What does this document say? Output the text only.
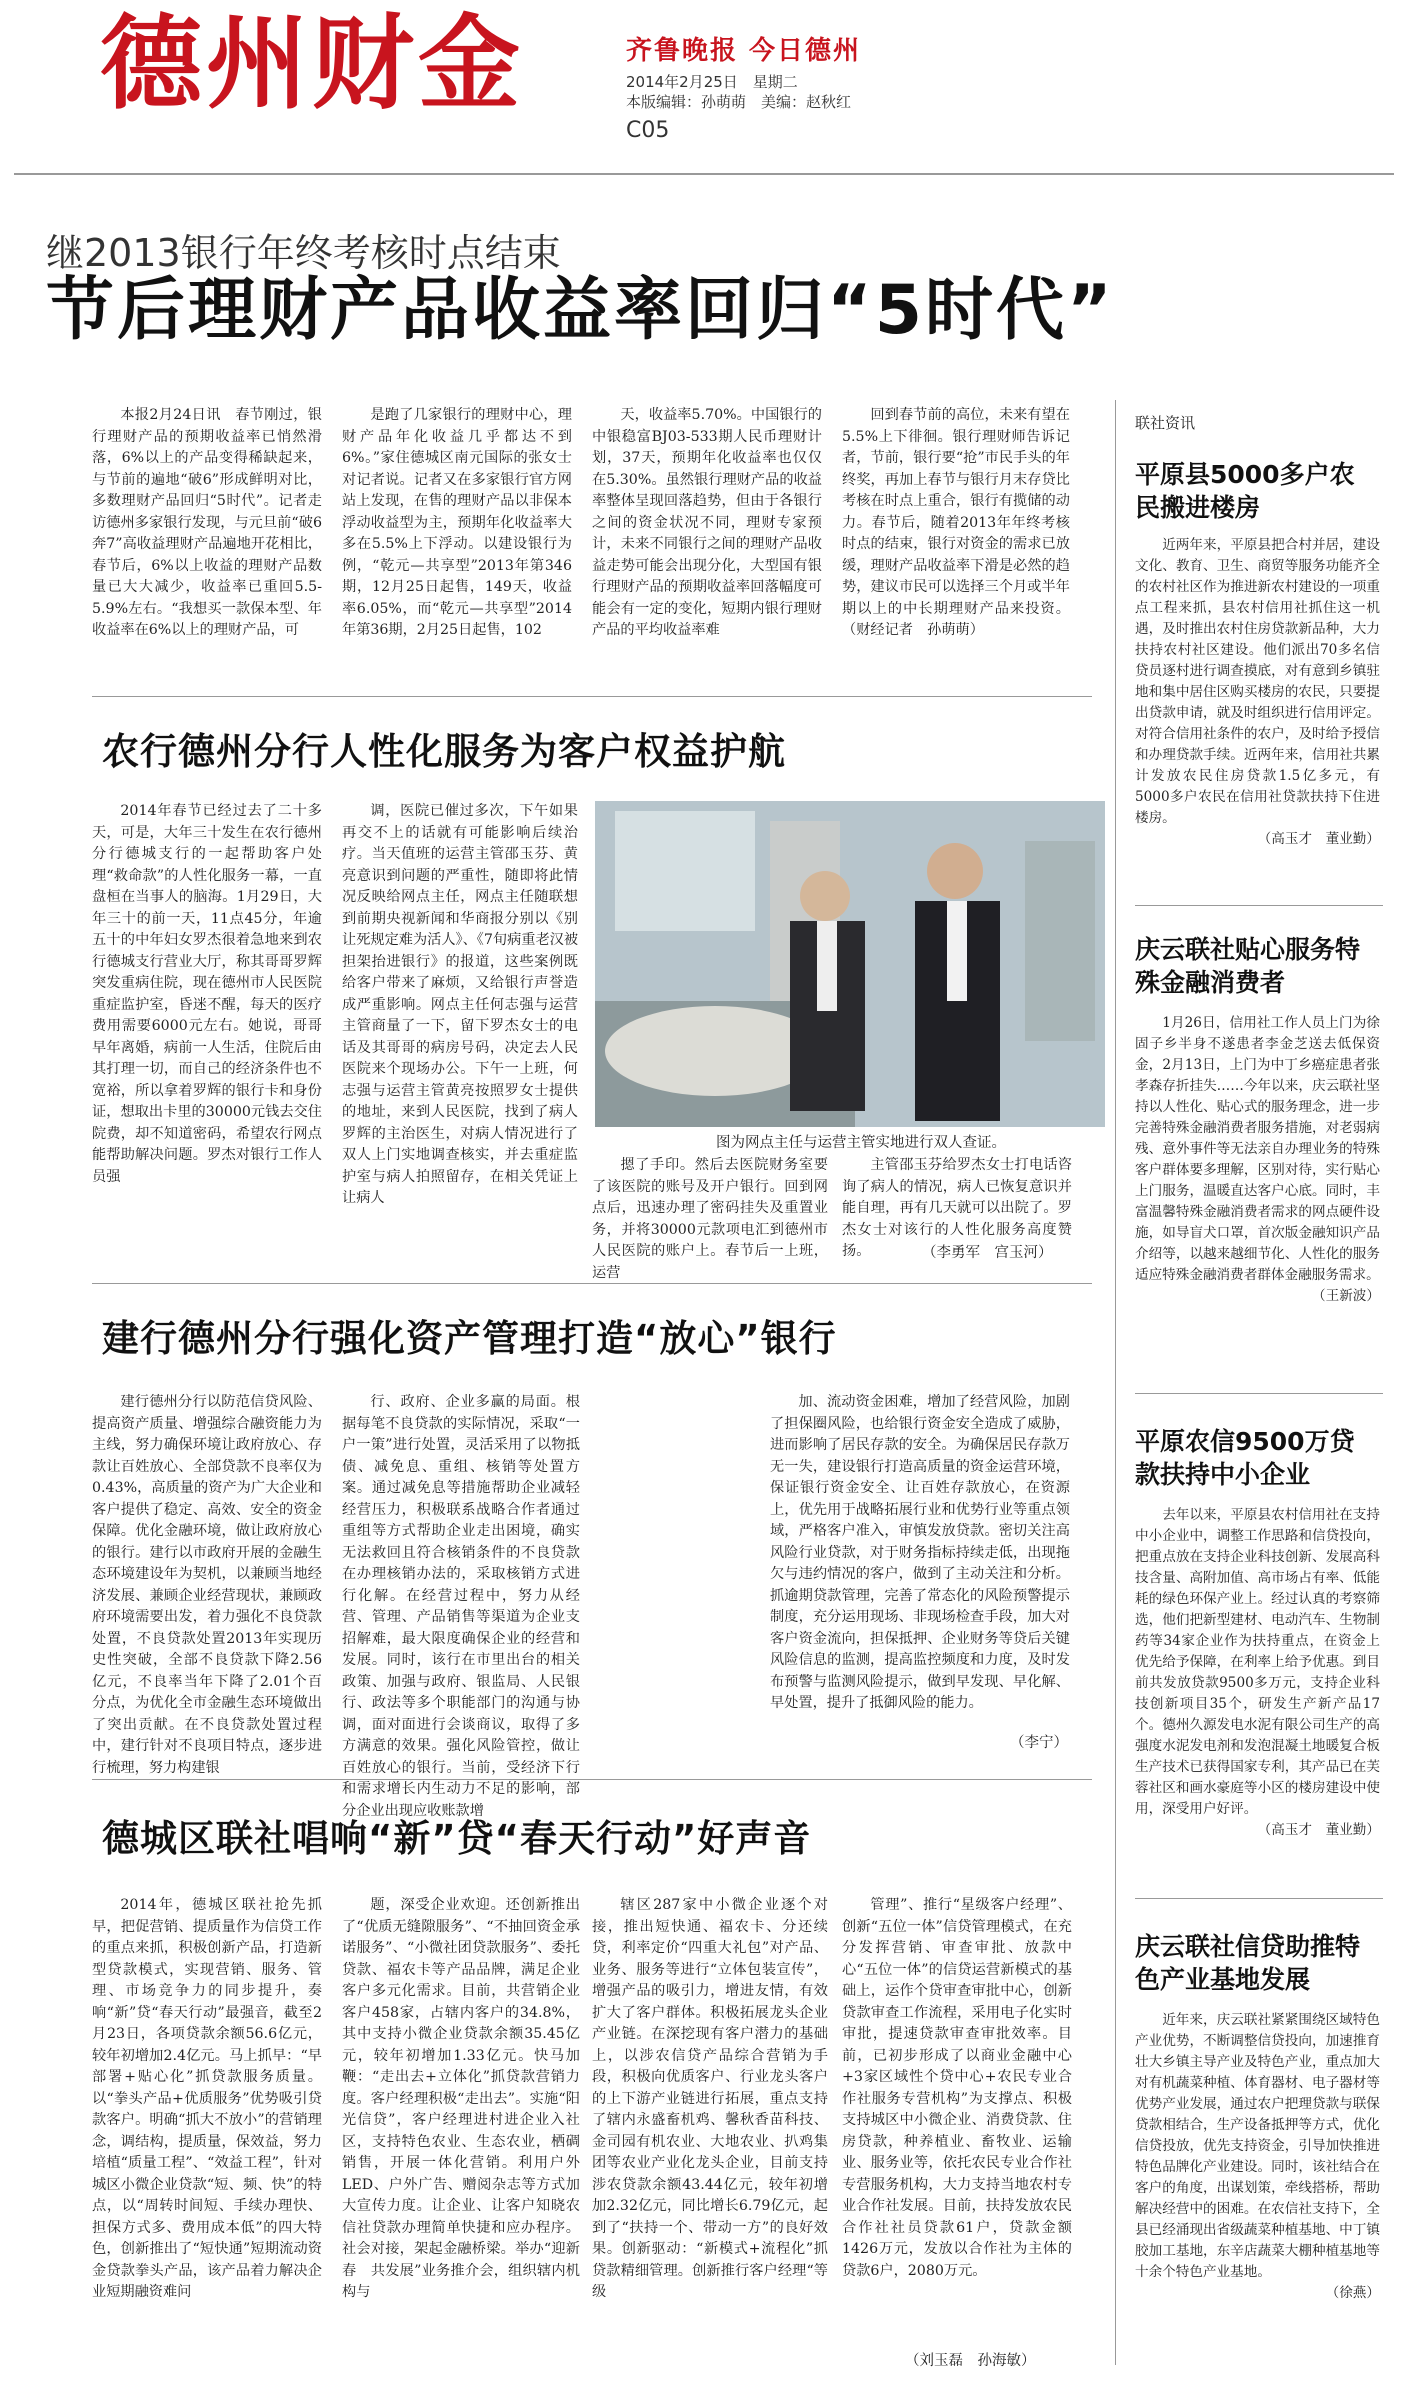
德州财金	齐鲁晚报 今日德州
2014年2月25日　星期二
本版编辑：孙萌萌　美编：赵秋红
C05
继2013银行年终考核时点结束
节后理财产品收益率回归“5时代”

本报2月24日讯　春节刚过，银行理财产品的预期收益率已悄然滑落，6%以上的产品变得稀缺起来，与节前的遍地“破6”形成鲜明对比，多数理财产品回归“5时代”。记者走访德州多家银行发现，与元旦前“破6奔7”高收益理财产品遍地开花相比，春节后，6%以上收益的理财产品数量已大大减少，收益率已重回5.5-5.9%左右。“我想买一款保本型、年收益率在6%以上的理财产品，可

是跑了几家银行的理财中心，理财产品年化收益几乎都达不到6%。”家住德城区南元国际的张女士对记者说。记者又在多家银行官方网站上发现，在售的理财产品以非保本浮动收益型为主，预期年化收益率大多在5.5%上下浮动。以建设银行为例，“乾元—共享型”2013年第346期，12月25日起售，149天，收益率6.05%，而“乾元—共享型”2014年第36期，2月25日起售，102

天，收益率5.70%。中国银行的中银稳富BJ03-533期人民币理财计划，37天，预期年化收益率也仅仅在5.30%。虽然银行理财产品的收益率整体呈现回落趋势，但由于各银行之间的资金状况不同，理财专家预计，未来不同银行之间的理财产品收益走势可能会出现分化，大型国有银行理财产品的预期收益率回落幅度可能会有一定的变化，短期内银行理财产品的平均收益率难

回到春节前的高位，未来有望在5.5%上下徘徊。银行理财师告诉记者，节前，银行要“抢”市民手头的年终奖，再加上春节与银行月末存贷比考核在时点上重合，银行有揽储的动力。春节后，随着2013年年终考核时点的结束，银行对资金的需求已放缓，理财产品收益率下滑是必然的趋势，建议市民可以选择三个月或半年期以上的中长期理财产品来投资。（财经记者　孙萌萌）

农行德州分行人性化服务为客户权益护航

2014年春节已经过去了二十多天，可是，大年三十发生在农行德州分行德城支行的一起帮助客户处理“救命款”的人性化服务一幕，一直盘桓在当事人的脑海。1月29日，大年三十的前一天，11点45分，年逾五十的中年妇女罗杰很着急地来到农行德城支行营业大厅，称其哥哥罗辉突发重病住院，现在德州市人民医院重症监护室，昏迷不醒，每天的医疗费用需要6000元左右。她说，哥哥早年离婚，病前一人生活，住院后由其打理一切，而自己的经济条件也不宽裕，所以拿着罗辉的银行卡和身份证，想取出卡里的30000元钱去交住院费，却不知道密码，希望农行网点能帮助解决问题。罗杰对银行工作人员强

调，医院已催过多次，下午如果再交不上的话就有可能影响后续治疗。当天值班的运营主管邵玉芬、黄亮意识到问题的严重性，随即将此情况反映给网点主任，网点主任随联想到前期央视新闻和华商报分别以《别让死规定难为活人》、《7旬病重老汉被担架抬进银行》的报道，这些案例既给客户带来了麻烦，又给银行声誉造成严重影响。网点主任何志强与运营主管商量了一下，留下罗杰女士的电话及其哥哥的病房号码，决定去人民医院来个现场办公。下午一上班，何志强与运营主管黄亮按照罗女士提供的地址，来到人民医院，找到了病人罗辉的主治医生，对病人情况进行了双人上门实地调查核实，并去重症监护室与病人拍照留存，在相关凭证上让病人

图为网点主任与运营主管实地进行双人查证。

摁了手印。然后去医院财务室要了该医院的账号及开户银行。回到网点后，迅速办理了密码挂失及重置业务，并将30000元款项电汇到德州市人民医院的账户上。春节后一上班，运营

主管邵玉芬给罗杰女士打电话咨询了病人的情况，病人已恢复意识并能自理，再有几天就可以出院了。罗杰女士对该行的人性化服务高度赞扬。	（李勇军　宫玉河）
建行德州分行强化资产管理打造“放心”银行

建行德州分行以防范信贷风险、提高资产质量、增强综合融资能力为主线，努力确保环境让政府放心、存款让百姓放心、全部贷款不良率仅为0.43%，高质量的资产为广大企业和客户提供了稳定、高效、安全的资金保障。优化金融环境，做让政府放心的银行。建行以市政府开展的金融生态环境建设年为契机，以兼顾当地经济发展、兼顾企业经营现状，兼顾政府环境需要出发，着力强化不良贷款处置，不良贷款处置2013年实现历史性突破，全部不良贷款下降2.56亿元，不良率当年下降了2.01个百分点，为优化全市金融生态环境做出了突出贡献。在不良贷款处置过程中，建行针对不良项目特点，逐步进行梳理，努力构建银

行、政府、企业多赢的局面。根据每笔不良贷款的实际情况，采取“一户一策”进行处置，灵活采用了以物抵债、减免息、重组、核销等处置方案。通过减免息等措施帮助企业减轻经营压力，积极联系战略合作者通过重组等方式帮助企业走出困境，确实无法救回且符合核销条件的不良贷款在办理核销办法的，采取核销方式进行化解。在经营过程中，努力从经营、管理、产品销售等渠道为企业支招解难，最大限度确保企业的经营和发展。同时，该行在市里出台的相关政策、加强与政府、银监局、人民银行、政法等多个职能部门的沟通与协调，面对面进行会谈商议，取得了多方满意的效果。强化风险管控，做让百姓放心的银行。当前，受经济下行和需求增长内生动力不足的影响，部分企业出现应收账款增

加、流动资金困难，增加了经营风险，加剧了担保圈风险，也给银行资金安全造成了威胁，进而影响了居民存款的安全。为确保居民存款万无一失，建设银行打造高质量的资金运营环境，保证银行资金安全、让百姓存款放心，在资源上，优先用于战略拓展行业和优势行业等重点领域，严格客户准入，审慎发放贷款。密切关注高风险行业贷款，对于财务指标持续走低，出现拖欠与违约情况的客户，做到了主动关注和分析。抓逾期贷款管理，完善了常态化的风险预警提示制度，充分运用现场、非现场检查手段，加大对客户资金流向，担保抵押、企业财务等贷后关键风险信息的监测，提高监控频度和力度，及时发布预警与监测风险提示，做到早发现、早化解、早处置，提升了抵御风险的能力。

（李宁）
德城区联社唱响“新”贷“春天行动”好声音

2014年，德城区联社抢先抓早，把促营销、提质量作为信贷工作的重点来抓，积极创新产品，打造新型贷款模式，实现营销、服务、管理、市场竞争力的同步提升，奏响“新”贷“春天行动”最强音，截至2月23日，各项贷款余额56.6亿元，较年初增加2.4亿元。马上抓早：“早部署+贴心化”抓贷款服务质量。以“拳头产品+优质服务”优势吸引贷款客户。明确“抓大不放小”的营销理念，调结构，提质量，保效益，努力培植“质量工程”、“效益工程”，针对城区小微企业贷款“短、频、快”的特点，以“周转时间短、手续办理快、担保方式多、费用成本低”的四大特色，创新推出了“短快通”短期流动资金贷款拳头产品，该产品着力解决企业短期融资难问

题，深受企业欢迎。还创新推出了“优质无缝隙服务”、“不抽回资金承诺服务”、“小微社团贷款服务”、委托贷款、福农卡等产品品牌，满足企业客户多元化需求。目前，共营销企业客户458家，占辖内客户的34.8%，其中支持小微企业贷款余额35.45亿元，较年初增加1.33亿元。快马加鞭：“走出去+立体化”抓贷款营销力度。客户经理积极“走出去”。实施“阳光信贷”，客户经理进村进企业入社区，支持特色农业、生态农业，栖碉销售，开展一体化营销。利用户外LED、户外广告、赠阅杂志等方式加大宣传力度。让企业、让客户知晓农信社贷款办理简单快捷和应办程序。社会对接，架起金融桥梁。举办“迎新春　共发展”业务推介会，组织辖内机构与

辖区287家中小微企业逐个对接，推出短快通、福农卡、分还续贷，利率定价“四重大礼包”对产品、业务、服务等进行“立体包装宣传”，增强产品的吸引力，增进友情，有效扩大了客户群体。积极拓展龙头企业产业链。在深挖现有客户潜力的基础上，以涉农信贷产品综合营销为手段，积极向优质客户、行业龙头客户的上下游产业链进行拓展，重点支持了辖内永盛畜机鸡、馨秋香苗科技、金司园有机农业、大地农业、扒鸡集团等农业产业化龙头企业，目前支持涉农贷款余额43.44亿元，较年初增加2.32亿元，同比增长6.79亿元，起到了“扶持一个、带动一方”的良好效果。创新驱动：“新模式+流程化”抓贷款精细管理。创新推行客户经理“等级

管理”、推行“星级客户经理”、创新“五位一体”信贷管理模式，在充分发挥营销、审查审批、放款中心“五位一体”的信贷运营新模式的基础上，运作个贷审查审批中心，创新贷款审查工作流程，采用电子化实时审批，提速贷款审查审批效率。目前，已初步形成了以商业金融中心+3家区域性个贷中心+农民专业合作社服务专营机构”为支撑点、积极支持城区中小微企业、消费贷款、住房贷款，种养植业、畜牧业、运输业、服务业等，依托农民专业合作社专营服务机构，大力支持当地农村专业合作社发展。目前，扶持发放农民合作社社员贷款61户，贷款金额1426万元，发放以合作社为主体的贷款6户，2080万元。

（刘玉磊　孙海敏）
联社资讯
平原县5000多户农民搬进楼房

近两年来，平原县把合村并居，建设文化、教育、卫生、商贸等服务功能齐全的农村社区作为推进新农村建设的一项重点工程来抓，县农村信用社抓住这一机遇，及时推出农村住房贷款新品种，大力扶持农村社区建设。他们派出70多名信贷员逐村进行调查摸底，对有意到乡镇驻地和集中居住区购买楼房的农民，只要提出贷款申请，就及时组织进行信用评定。对符合信用社条件的农户，及时给予授信和办理贷款手续。近两年来，信用社共累计发放农民住房贷款1.5亿多元，有5000多户农民在信用社贷款扶持下住进楼房。

（高玉才　董业勤）
庆云联社贴心服务特殊金融消费者

1月26日，信用社工作人员上门为徐固子乡半身不遂患者李金芝送去低保资金，2月13日，上门为中丁乡癌症患者张孝森存折挂失……今年以来，庆云联社坚持以人性化、贴心式的服务理念，进一步完善特殊金融消费者服务措施，对老弱病残、意外事件等无法亲自办理业务的特殊客户群体要多理解，区别对待，实行贴心上门服务，温暖直达客户心底。同时，丰富温馨特殊金融消费者需求的网点硬件设施，如导盲犬口罩，首次版金融知识产品介绍等，以越来越细节化、人性化的服务适应特殊金融消费者群体金融服务需求。

（王新波）
平原农信9500万贷款扶持中小企业

去年以来，平原县农村信用社在支持中小企业中，调整工作思路和信贷投向，把重点放在支持企业科技创新、发展高科技含量、高附加值、高市场占有率、低能耗的绿色环保产业上。经过认真的考察筛选，他们把新型建材、电动汽车、生物制药等34家企业作为扶持重点，在资金上优先给予保障，在利率上给予优惠。到目前共发放贷款9500多万元，支持企业科技创新项目35个，研发生产新产品17个。德州久源发电水泥有限公司生产的高强度水泥发电剂和发泡混凝土地暖复合板生产技术已获得国家专利，其产品已在芙蓉社区和画水豪庭等小区的楼房建设中使用，深受用户好评。

（高玉才　董业勤）
庆云联社信贷助推特色产业基地发展

近年来，庆云联社紧紧围绕区域特色产业优势，不断调整信贷投向，加速推育壮大乡镇主导产业及特色产业，重点加大对有机蔬菜种植、体育器材、电子器材等优势产业发展，通过农户把理贷款与联保贷款相结合，生产设备抵押等方式，优化信贷投放，优先支持资金，引导加快推进特色品牌化产业建设。同时，该社结合在客户的角度，出谋划策，牵线搭桥，帮助解决经营中的困难。在农信社支持下，全县已经涌现出省级蔬菜种植基地、中丁镇胶加工基地，东辛店蔬菜大棚种植基地等十余个特色产业基地。

（徐燕）
